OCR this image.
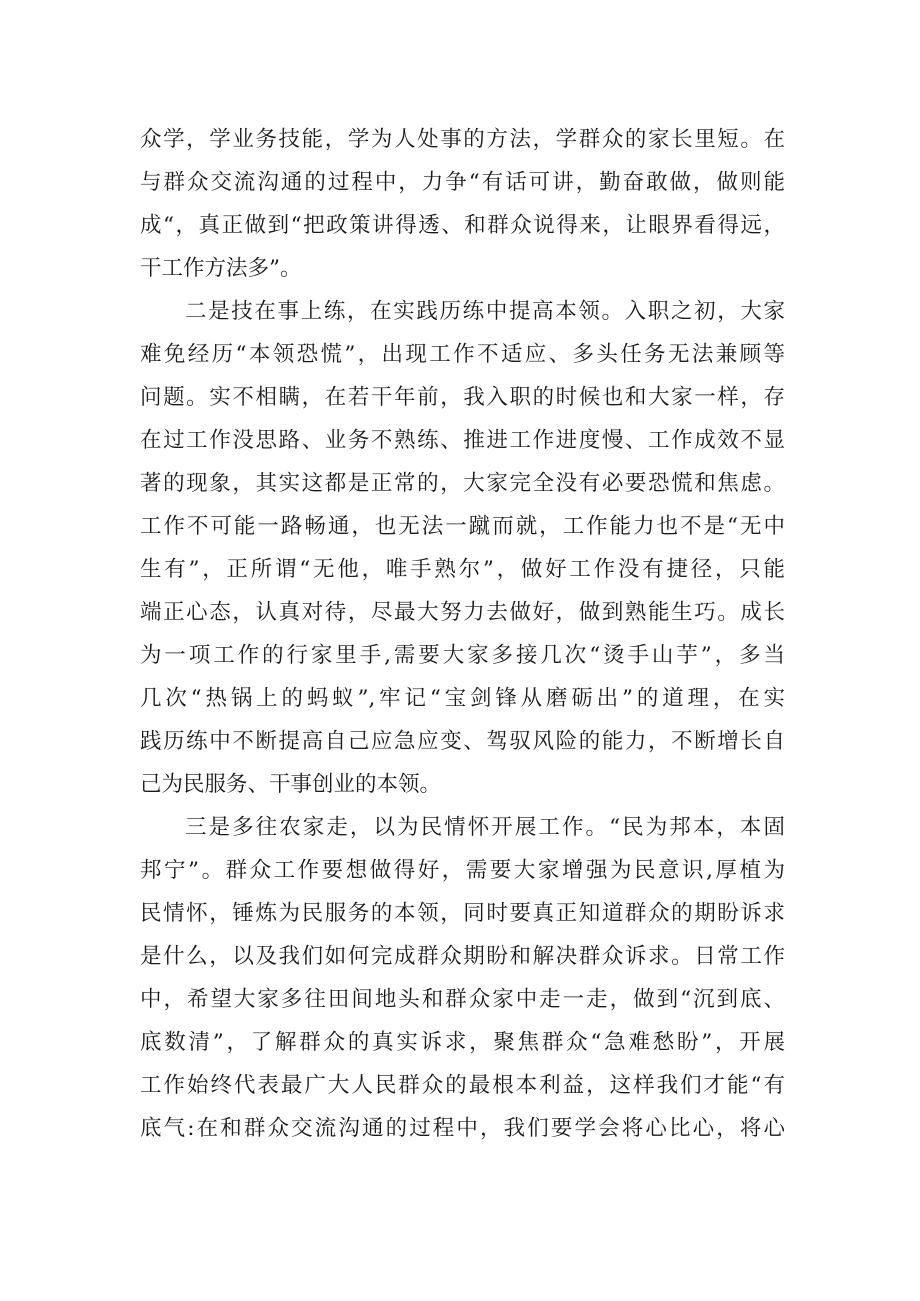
众学，学业务技能，学为人处事的方法，学群众的家长里短。在
与群众交流沟通的过程中，力争“有话可讲，勤奋敢做，做则能
成“，真正做到“把政策讲得透、和群众说得来，让眼界看得远，
干工作方法多”。
二是技在事上练，在实践历练中提高本领。入职之初，大家
难免经历“本领恐慌”，出现工作不适应、多头任务无法兼顾等
问题。实不相瞒，在若干年前，我入职的时候也和大家一样，存
在过工作没思路、业务不熟练、推进工作进度慢、工作成效不显
著的现象，其实这都是正常的，大家完全没有必要恐慌和焦虑。
工作不可能一路畅通，也无法一蹴而就，工作能力也不是“无中
生有”，正所谓“无他，唯手熟尔”，做好工作没有捷径，只能
端正心态，认真对待，尽最大努力去做好，做到熟能生巧。成长
为一项工作的行家里手,需要大家多接几次“烫手山芋”，多当
几次“热锅上的蚂蚁”,牢记“宝剑锋从磨砺出”的道理，在实
践历练中不断提高自己应急应变、驾驭风险的能力，不断增长自
己为民服务、干事创业的本领。
三是多往农家走，以为民情怀开展工作。“民为邦本，本固
邦宁”。群众工作要想做得好，需要大家增强为民意识,厚植为
民情怀，锤炼为民服务的本领，同时要真正知道群众的期盼诉求
是什么，以及我们如何完成群众期盼和解决群众诉求。日常工作
中，希望大家多往田间地头和群众家中走一走，做到“沉到底、
底数清”，了解群众的真实诉求，聚焦群众“急难愁盼”，开展
工作始终代表最广大人民群众的最根本利益，这样我们才能“有
底气:在和群众交流沟通的过程中，我们要学会将心比心，将心
